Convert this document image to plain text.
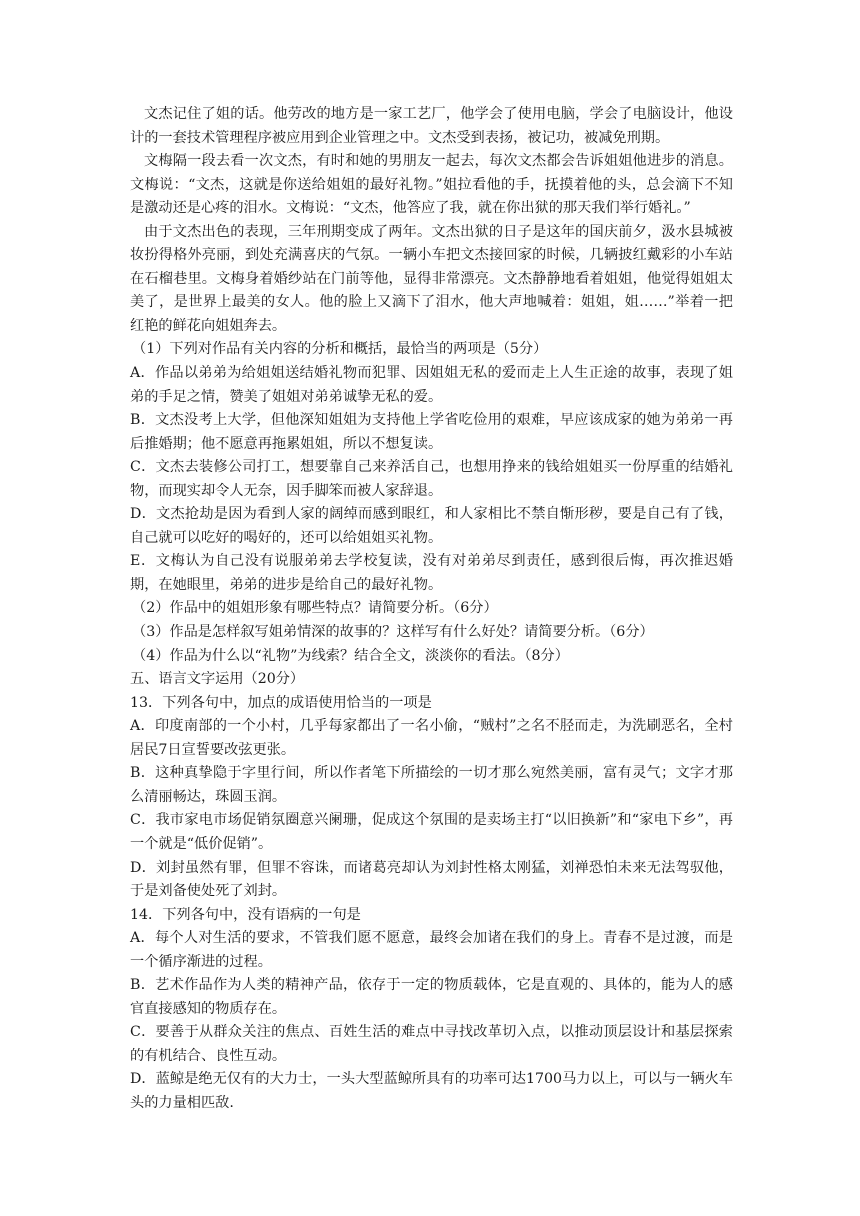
文杰记住了姐的话。他劳改的地方是一家工艺厂，他学会了使用电脑，学会了电脑设计，他设计的一套技术管理程序被应用到企业管理之中。文杰受到表扬，被记功，被减免刑期。

文梅隔一段去看一次文杰，有时和她的男朋友一起去，每次文杰都会告诉姐姐他进步的消息。文梅说：“文杰，这就是你送给姐姐的最好礼物。”姐拉看他的手，抚摸着他的头，总会滴下不知是激动还是心疼的泪水。文梅说：“文杰，他答应了我，就在你出狱的那天我们举行婚礼。”

由于文杰出色的表现，三年刑期变成了两年。文杰出狱的日子是这年的国庆前夕，汲水县城被妆扮得格外亮丽，到处充满喜庆的气氛。一辆小车把文杰接回家的时候，几辆披红戴彩的小车站在石榴巷里。文梅身着婚纱站在门前等他，显得非常漂亮。文杰静静地看着姐姐，他觉得姐姐太美了，是世界上最美的女人。他的脸上又滴下了泪水，他大声地喊着：姐姐，姐……”举着一把红艳的鲜花向姐姐奔去。

（1）下列对作品有关内容的分析和概括，最恰当的两项是（5分）

A．作品以弟弟为给姐姐送结婚礼物而犯罪、因姐姐无私的爱而走上人生正途的故事，表现了姐弟的手足之情，赞美了姐姐对弟弟诚挚无私的爱。

B．文杰没考上大学，但他深知姐姐为支持他上学省吃俭用的艰难，早应该成家的她为弟弟一再后推婚期；他不愿意再拖累姐姐，所以不想复读。

C．文杰去装修公司打工，想要靠自己来养活自己，也想用挣来的钱给姐姐买一份厚重的结婚礼物，而现实却令人无奈，因手脚笨而被人家辞退。

D．文杰抢劫是因为看到人家的阔绰而感到眼红，和人家相比不禁自惭形秽，要是自己有了钱，自己就可以吃好的喝好的，还可以给姐姐买礼物。

E．文梅认为自己没有说服弟弟去学校复读，没有对弟弟尽到责任，感到很后悔，再次推迟婚期，在她眼里，弟弟的进步是给自己的最好礼物。

（2）作品中的姐姐形象有哪些特点？请简要分析。（6分）

（3）作品是怎样叙写姐弟情深的故事的？这样写有什么好处？请简要分析。（6分）

（4）作品为什么以“礼物”为线索？结合全文，淡淡你的看法。（8分）

五、语言文字运用（20分）

13．下列各句中，加点的成语使用恰当的一项是

A．印度南部的一个小村，几乎每家都出了一名小偷，“贼村”之名不胫而走，为洗刷恶名，全村居民7日宣誓要改弦更张。

B．这种真挚隐于字里行间，所以作者笔下所描绘的一切才那么宛然美丽，富有灵气；文字才那么清丽畅达，珠圆玉润。

C．我市家电市场促销氛圈意兴阑珊，促成这个氛围的是卖场主打“以旧换新”和“家电下乡”，再一个就是“低价促销”。

D．刘封虽然有罪，但罪不容诛，而诸葛亮却认为刘封性格太刚猛，刘禅恐怕未来无法驾驭他，于是刘备使处死了刘封。

14．下列各句中，没有语病的一句是

A．每个人对生活的要求，不管我们愿不愿意，最终会加诸在我们的身上。青春不是过渡，而是一个循序渐进的过程。

B．艺术作品作为人类的精神产品，依存于一定的物质载体，它是直观的、具体的，能为人的感官直接感知的物质存在。

C．要善于从群众关注的焦点、百姓生活的难点中寻找改革切入点，以推动顶层设计和基层探索的有机结合、良性互动。

D．蓝鲸是绝无仅有的大力士，一头大型蓝鲸所具有的功率可达1700马力以上，可以与一辆火车头的力量相匹敌.
